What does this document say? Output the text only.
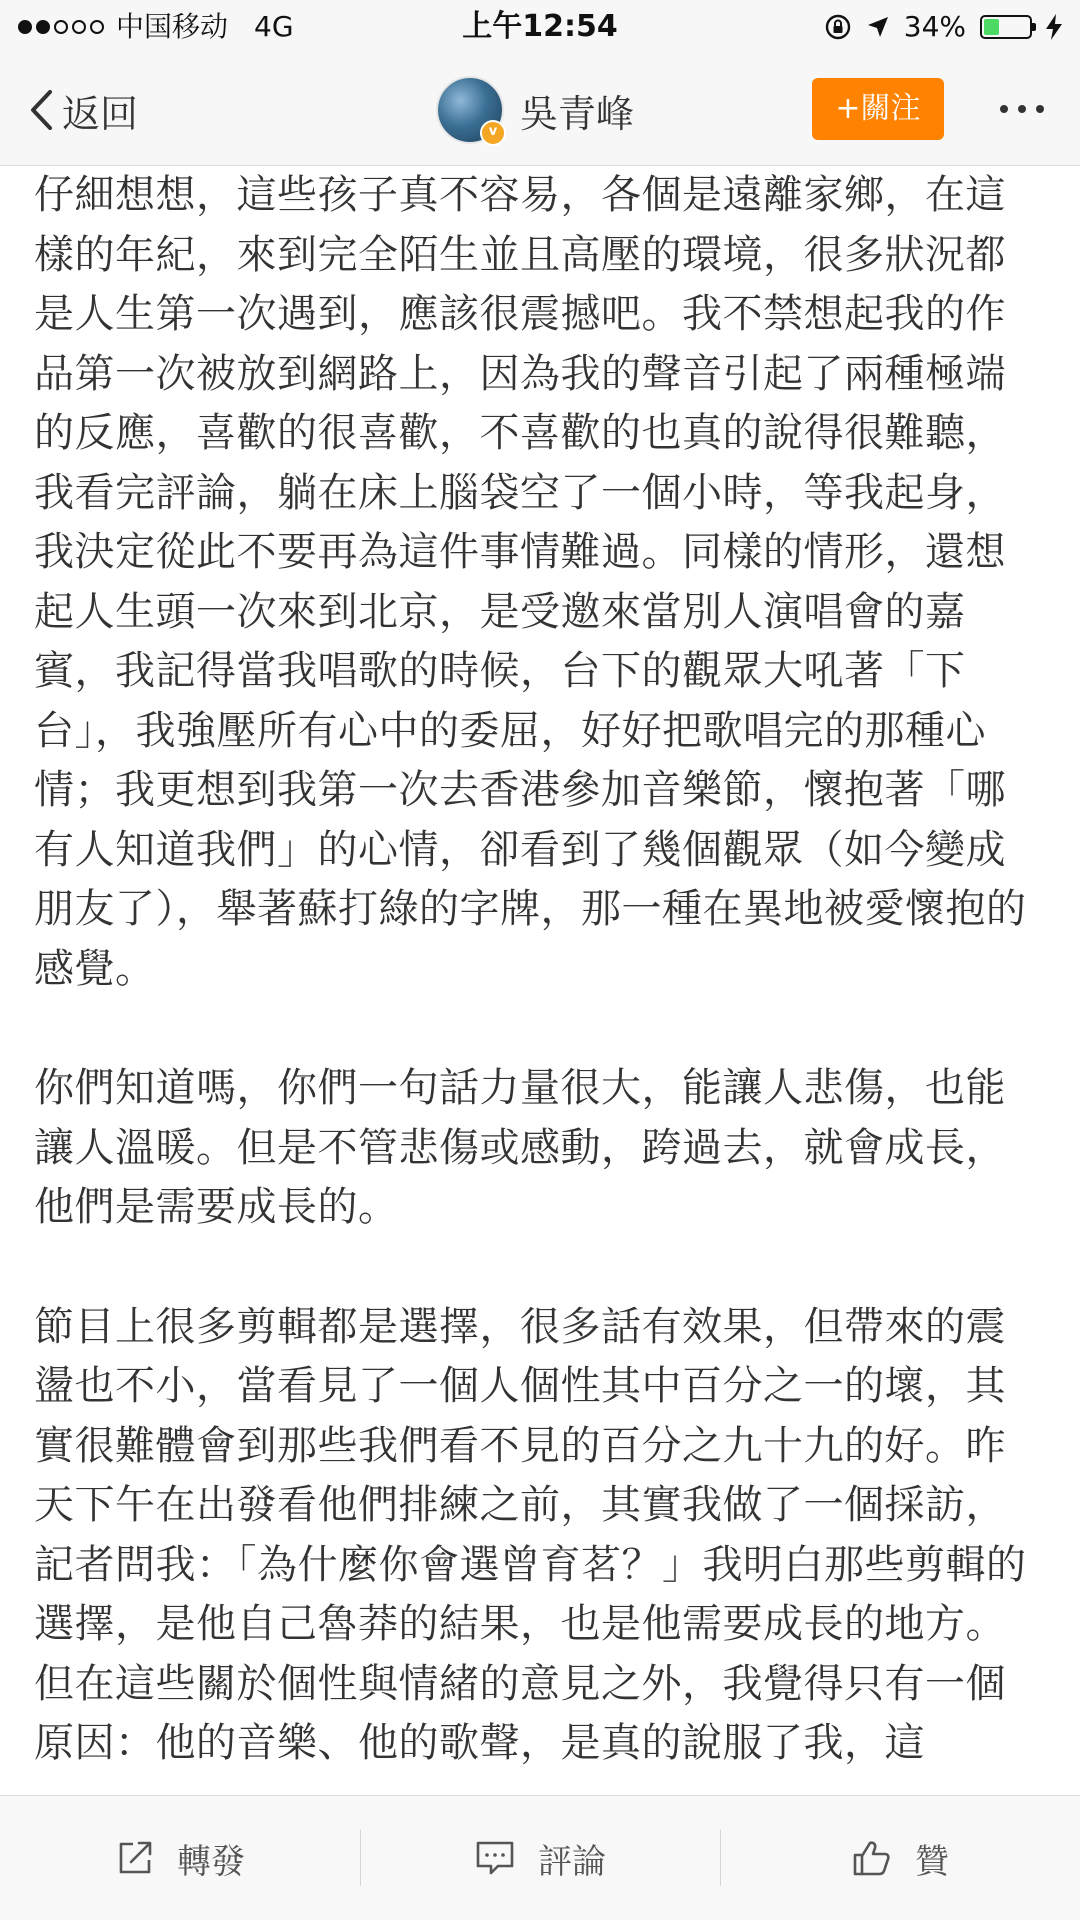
中国移动 4G	上午12:54	34%
返回	v 吳青峰	+關注

仔細想想，這些孩子真不容易，各個是遠離家鄉，在這樣的年紀，來到完全陌生並且高壓的環境，很多狀況都是人生第一次遇到，應該很震撼吧。我不禁想起我的作品第一次被放到網路上，因為我的聲音引起了兩種極端的反應，喜歡的很喜歡，不喜歡的也真的說得很難聽，我看完評論，躺在床上腦袋空了一個小時，等我起身，我決定從此不要再為這件事情難過。同樣的情形，還想起人生頭一次來到北京，是受邀來當別人演唱會的嘉賓，我記得當我唱歌的時候，台下的觀眾大吼著「下台」，我強壓所有心中的委屈，好好把歌唱完的那種心情；我更想到我第一次去香港參加音樂節，懷抱著「哪有人知道我們」的心情，卻看到了幾個觀眾（如今變成朋友了），舉著蘇打綠的字牌，那一種在異地被愛懷抱的感覺。

你們知道嗎，你們一句話力量很大，能讓人悲傷，也能讓人溫暖。但是不管悲傷或感動，跨過去，就會成長，他們是需要成長的。

節目上很多剪輯都是選擇，很多話有效果，但帶來的震盪也不小，當看見了一個人個性其中百分之一的壞，其實很難體會到那些我們看不見的百分之九十九的好。昨天下午在出發看他們排練之前，其實我做了一個採訪，記者問我：「為什麼你會選曾育茗？」我明白那些剪輯的選擇，是他自己魯莽的結果，也是他需要成長的地方。但在這些關於個性與情緒的意見之外，我覺得只有一個原因：他的音樂、他的歌聲，是真的說服了我，這

轉發	評論	贊
